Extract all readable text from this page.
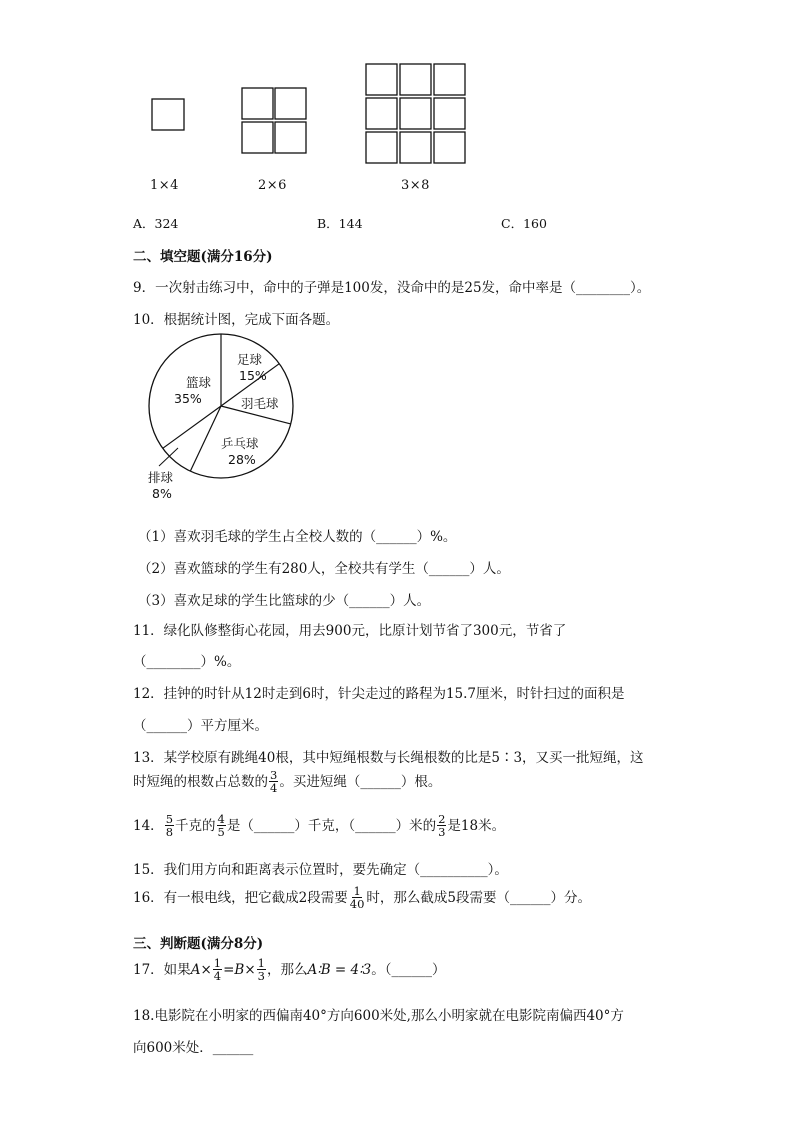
1×4	2×6	3×8
A．324	B．144	C．160
二、填空题(满分16分)
9．一次射击练习中，命中的子弹是100发，没命中的是25发，命中率是（________）。
10．根据统计图，完成下面各题。
足球
15%
羽毛球
乒乓球
28%
排球
8%
篮球
35%
（1）喜欢羽毛球的学生占全校人数的（______）%。
（2）喜欢篮球的学生有280人，全校共有学生（______）人。
（3）喜欢足球的学生比篮球的少（______）人。
11．绿化队修整街心花园，用去900元，比原计划节省了300元，节省了
（________）%。
12．挂钟的时针从12时走到6时，针尖走过的路程为15.7厘米，时针扫过的面积是
（______）平方厘米。
13．某学校原有跳绳40根，其中短绳根数与长绳根数的比是5∶3，又买一批短绳，这
时短绳的根数占总数的 $\frac{3}{4}$ 。买进短绳（______）根。
14． $\frac{5}{8}$ 千克的 $\frac{4}{5}$ 是（______）千克，（______）米的 $\frac{2}{3}$ 是18米。
15．我们用方向和距离表示位置时，要先确定（__________）。
16．有一根电线，把它截成2段需要 $\frac{1}{40}$ 时，那么截成5段需要（______）分。
三、判断题(满分8分)
17．如果$A\times \frac{1}{4} =B\times \frac{1}{3}$ ，那么A∶B = 4∶3。（______）
18.电影院在小明家的西偏南40°方向600米处,那么小明家就在电影院南偏西40°方
向600米处．______
